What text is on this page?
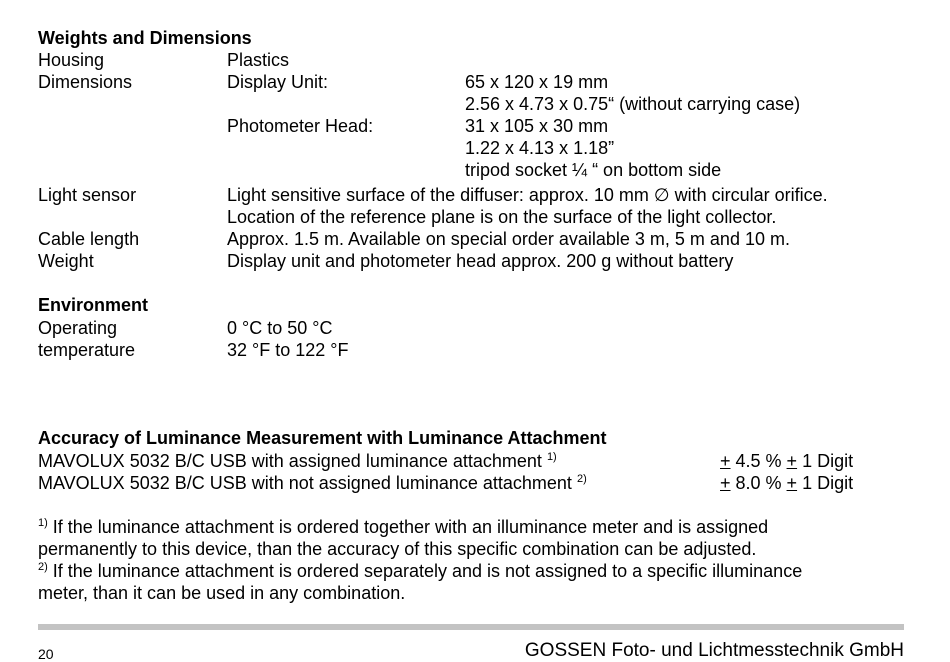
Weights and Dimensions
Housing	Plastics
Dimensions	Display Unit:	65 x 120 x 19 mm
2.56 x 4.73 x 0.75“ (without carrying case)
Photometer Head:	31 x 105 x 30 mm
1.22 x 4.13 x 1.18”
tripod socket ¼ “ on bottom side
Light sensor	Light sensitive surface of the diffuser: approx. 10 mm ∅ with circular orifice.
Location of the reference plane is on the surface of the light collector.
Cable length	Approx. 1.5 m. Available on special order available 3 m, 5 m and 10 m.
Weight	Display unit and photometer head approx. 200 g without battery
Environment
Operating	0 °C to 50 °C
temperature	32 °F to 122 °F
Accuracy of Luminance Measurement with Luminance Attachment
MAVOLUX 5032 B/C USB with assigned luminance attachment $^{1)}$	+ 4.5 % + 1 Digit
MAVOLUX 5032 B/C USB with not assigned luminance attachment $^{2)}$	+ 8.0 % + 1 Digit
$^{1)}$ If the luminance attachment is ordered together with an illuminance meter and is assigned
permanently to this device, than the accuracy of this specific combination can be adjusted.
$^{2)}$ If the luminance attachment is ordered separately and is not assigned to a specific illuminance
meter, than it can be used in any combination.
20	GOSSEN Foto- und Lichtmesstechnik GmbH
